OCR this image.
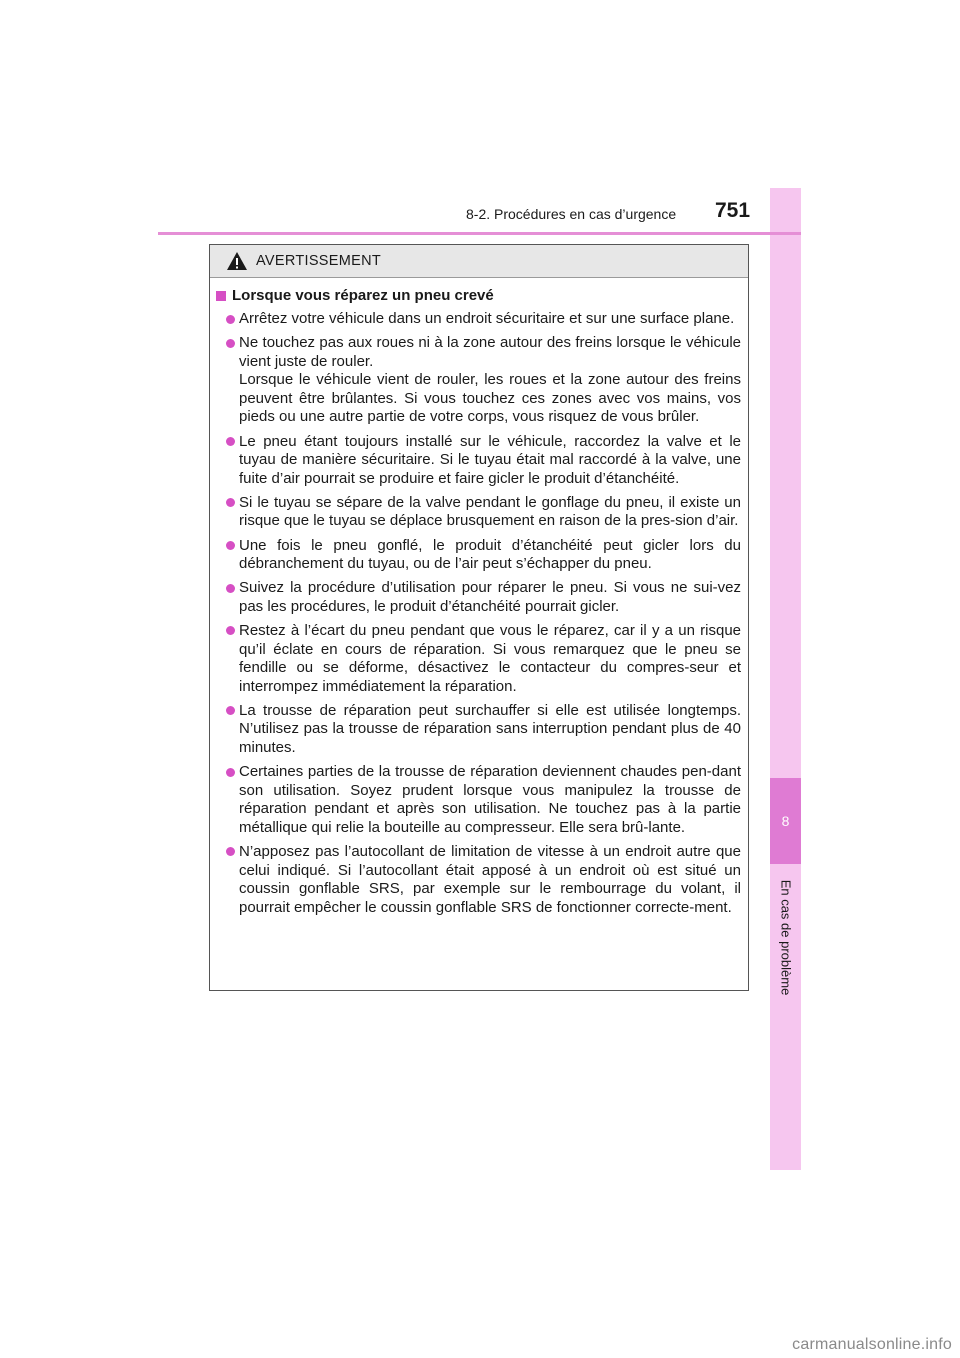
8
En cas de problème
8-2. Procédures en cas d’urgence	751
AVERTISSEMENT
Lorsque vous réparez un pneu crevé

Arrêtez votre véhicule dans un endroit sécuritaire et sur une surface plane.

Ne touchez pas aux roues ni à la zone autour des freins lorsque le véhicule vient juste de rouler.

Lorsque le véhicule vient de rouler, les roues et la zone autour des freins peuvent être brûlantes. Si vous touchez ces zones avec vos mains, vos pieds ou une autre partie de votre corps, vous risquez de vous brûler.

Le pneu étant toujours installé sur le véhicule, raccordez la valve et le tuyau de manière sécuritaire. Si le tuyau était mal raccordé à la valve, une fuite d’air pourrait se produire et faire gicler le produit d’étanchéité.

Si le tuyau se sépare de la valve pendant le gonflage du pneu, il existe un risque que le tuyau se déplace brusquement en raison de la pres-sion d’air.

Une fois le pneu gonflé, le produit d’étanchéité peut gicler lors du débranchement du tuyau, ou de l’air peut s’échapper du pneu.

Suivez la procédure d’utilisation pour réparer le pneu. Si vous ne sui-vez pas les procédures, le produit d’étanchéité pourrait gicler.

Restez à l’écart du pneu pendant que vous le réparez, car il y a un risque qu’il éclate en cours de réparation. Si vous remarquez que le pneu se fendille ou se déforme, désactivez le contacteur du compres-seur et interrompez immédiatement la réparation.

La trousse de réparation peut surchauffer si elle est utilisée longtemps. N’utilisez pas la trousse de réparation sans interruption pendant plus de 40 minutes.

Certaines parties de la trousse de réparation deviennent chaudes pen-dant son utilisation. Soyez prudent lorsque vous manipulez la trousse de réparation pendant et après son utilisation. Ne touchez pas à la partie métallique qui relie la bouteille au compresseur. Elle sera brû-lante.

N’apposez pas l’autocollant de limitation de vitesse à un endroit autre que celui indiqué. Si l’autocollant était apposé à un endroit où est situé un coussin gonflable SRS, par exemple sur le rembourrage du volant, il pourrait empêcher le coussin gonflable SRS de fonctionner correcte-ment.

carmanualsonline.info
